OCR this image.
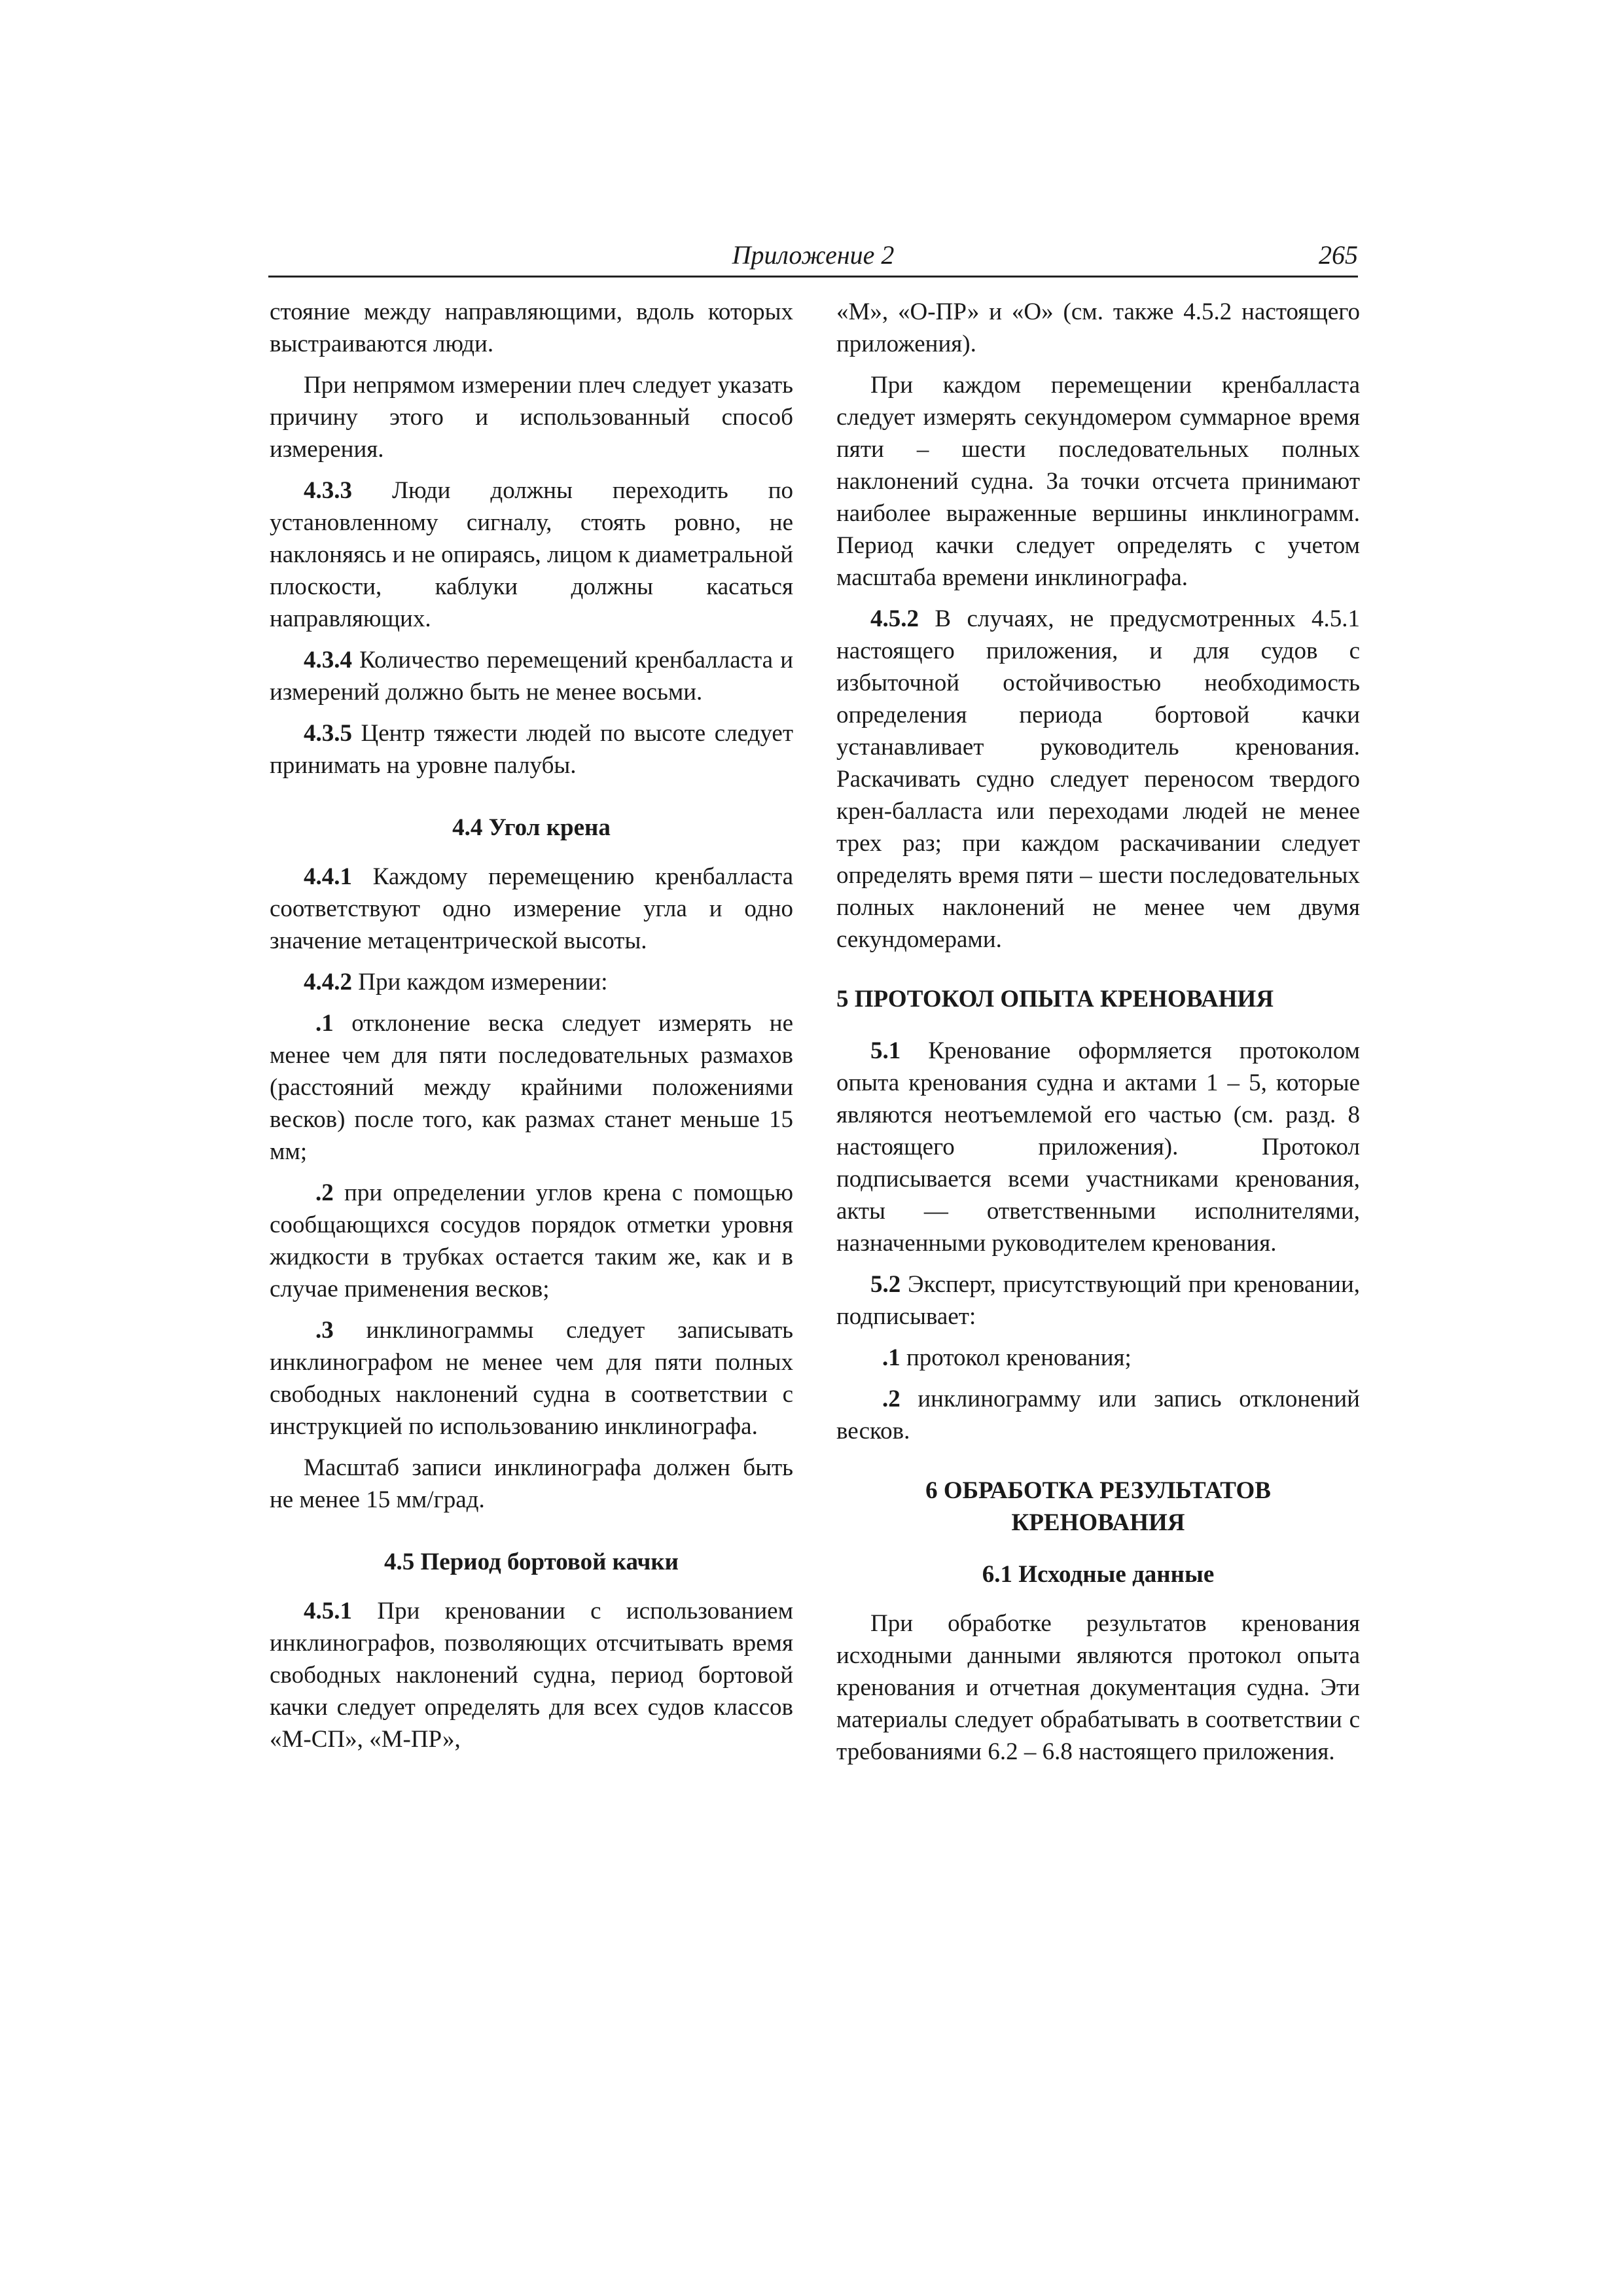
Приложение 2	265

стояние между направляющими, вдоль которых выстраиваются люди.

При непрямом измерении плеч следует указать причину этого и использованный способ измерения.

4.3.3 Люди должны переходить по установленному сигналу, стоять ровно, не наклоняясь и не опираясь, лицом к диаметральной плоскости, каблуки должны касаться направляющих.

4.3.4 Количество перемещений кренбалласта и измерений должно быть не менее восьми.

4.3.5 Центр тяжести людей по высоте следует принимать на уровне палубы.

4.4 Угол крена

4.4.1 Каждому перемещению кренбалласта соответствуют одно измерение угла и одно значение метацентрической высоты.

4.4.2 При каждом измерении:

.1 отклонение веска следует измерять не менее чем для пяти последовательных размахов (расстояний между крайними положениями весков) после того, как размах станет меньше 15 мм;

.2 при определении углов крена с помощью сообщающихся сосудов порядок отметки уровня жидкости в трубках остается таким же, как и в случае применения весков;

.3 инклинограммы следует записывать инклинографом не менее чем для пяти полных свободных наклонений судна в соответствии с инструкцией по использованию инклинографа.

Масштаб записи инклинографа должен быть не менее 15 мм/град.

4.5 Период бортовой качки

4.5.1 При креновании с использованием инклинографов, позволяющих отсчитывать время свободных наклонений судна, период бортовой качки следует определять для всех судов классов «М-СП», «М-ПР»,

«М», «О-ПР» и «О» (см. также 4.5.2 настоящего приложения).

При каждом перемещении кренбалласта следует измерять секундомером суммарное время пяти – шести последовательных полных наклонений судна. За точки отсчета принимают наиболее выраженные вершины инклинограмм. Период качки следует определять с учетом масштаба времени инклинографа.

4.5.2 В случаях, не предусмотренных 4.5.1 настоящего приложения, и для судов с избыточной остойчивостью необходимость определения периода бортовой качки устанавливает руководитель кренования. Раскачивать судно следует переносом твердого крен-балласта или переходами людей не менее трех раз; при каждом раскачивании следует определять время пяти – шести последовательных полных наклонений не менее чем двумя секундомерами.

5 ПРОТОКОЛ ОПЫТА КРЕНОВАНИЯ

5.1 Кренование оформляется протоколом опыта кренования судна и актами 1 – 5, которые являются неотъемлемой его частью (см. разд. 8 настоящего приложения). Протокол подписывается всеми участниками кренования, акты — ответственными исполнителями, назначенными руководителем кренования.

5.2 Эксперт, присутствующий при креновании, подписывает:

.1 протокол кренования;

.2 инклинограмму или запись отклонений весков.

6 ОБРАБОТКА РЕЗУЛЬТАТОВ
КРЕНОВАНИЯ
6.1 Исходные данные

При обработке результатов кренования исходными данными являются протокол опыта кренования и отчетная документация судна. Эти материалы следует обрабатывать в соответствии с требованиями 6.2 – 6.8 настоящего приложения.
